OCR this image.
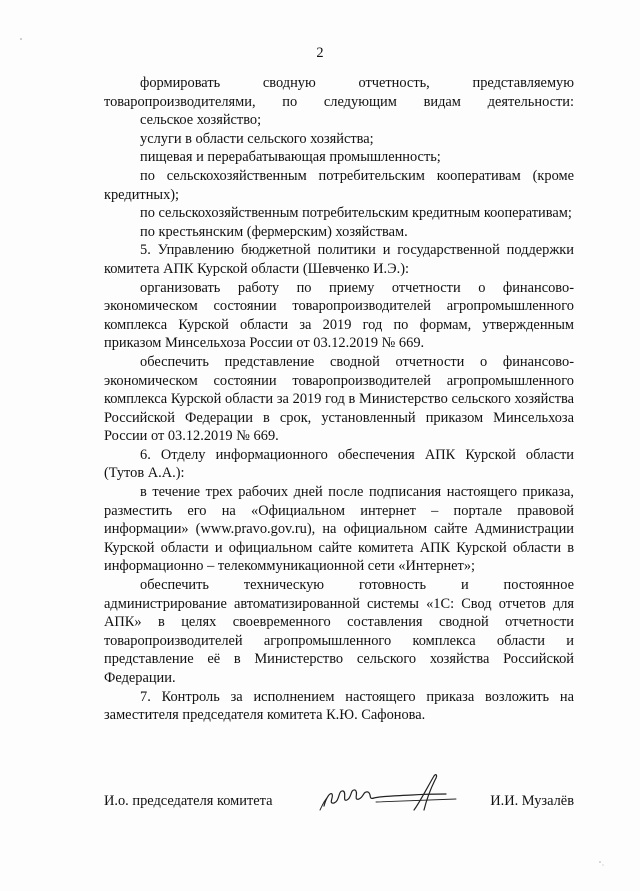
2

формировать сводную отчетность, представляемую товаропроизводителями, по следующим видам деятельности:

сельское хозяйство;

услуги в области сельского хозяйства;

пищевая и перерабатывающая промышленность;

по сельскохозяйственным потребительским кооперативам (кроме кредитных);

по сельскохозяйственным потребительским кредитным кооперативам;

по крестьянским (фермерским) хозяйствам.

5. Управлению бюджетной политики и государственной поддержки комитета АПК Курской области (Шевченко И.Э.):

организовать работу по приему отчетности о финансово-экономическом состоянии товаропроизводителей агропромышленного комплекса Курской области за 2019 год по формам, утвержденным приказом Минсельхоза России от 03.12.2019 № 669.

обеспечить представление сводной отчетности о финансово-экономическом состоянии товаропроизводителей агропромышленного комплекса Курской области за 2019 год в Министерство сельского хозяйства Российской Федерации в срок, установленный приказом Минсельхоза России от 03.12.2019 № 669.

6. Отделу информационного обеспечения АПК Курской области (Тутов А.А.):

в течение трех рабочих дней после подписания настоящего приказа, разместить его на «Официальном интернет – портале правовой информации» (www.pravo.gov.ru), на официальном сайте Администрации Курской области и официальном сайте комитета АПК Курской области в информационно – телекоммуникационной сети «Интернет»;

обеспечить техническую готовность и постоянное администрирование автоматизированной системы «1С: Свод отчетов для АПК» в целях своевременного составления сводной отчетности товаропроизводителей агропромышленного комплекса области и представление её в Министерство сельского хозяйства Российской Федерации.

7. Контроль за исполнением настоящего приказа возложить на заместителя председателя комитета К.Ю. Сафонова.

И.о. председателя комитета	И.И. Музалёв
